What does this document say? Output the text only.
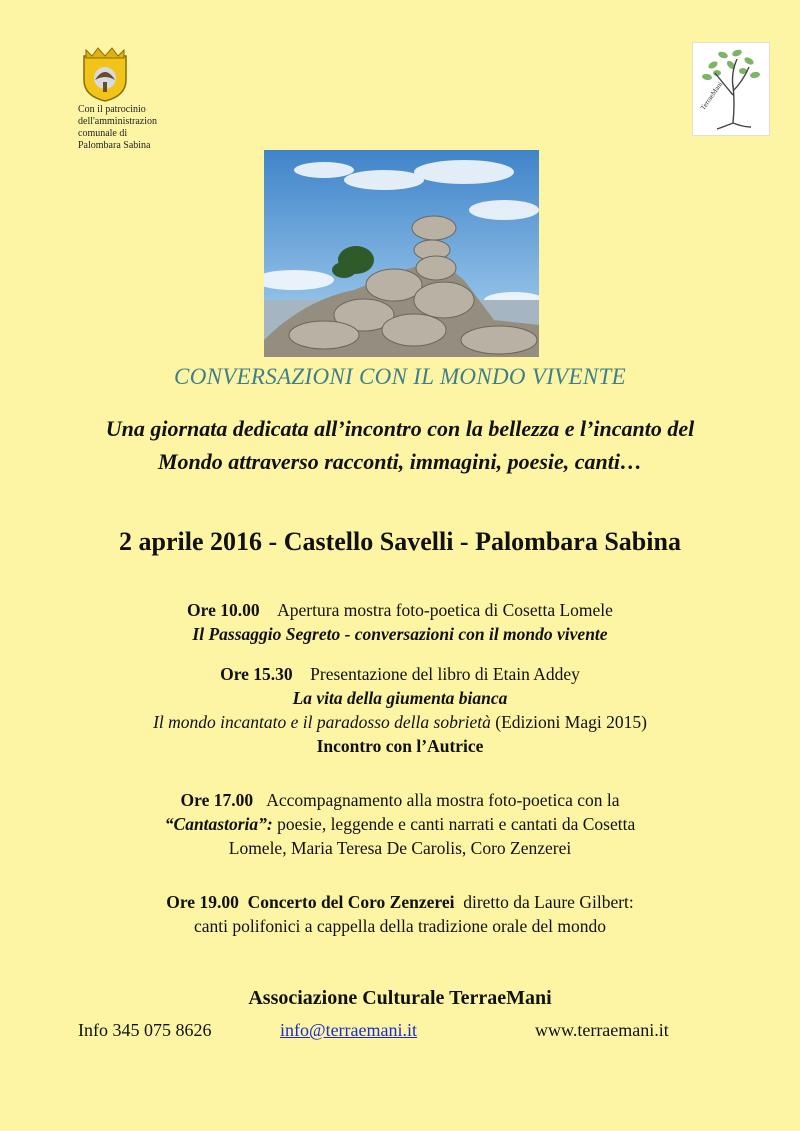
Con il patrocinio
dell'amministrazion
comunale di
Palombara Sabina
TerraeMani
CONVERSAZIONI CON IL MONDO VIVENTE
Una giornata dedicata all’incontro con la bellezza e l’incanto del
Mondo attraverso racconti, immagini, poesie, canti…
2 aprile 2016 - Castello Savelli - Palombara Sabina
Ore 10.00 Apertura mostra foto-poetica di Cosetta Lomele
Il Passaggio Segreto - conversazioni con il mondo vivente
Ore 15.30 Presentazione del libro di Etain Addey
La vita della giumenta bianca
Il mondo incantato e il paradosso della sobrietà (Edizioni Magi 2015)
Incontro con l’Autrice
Ore 17.00 Accompagnamento alla mostra foto-poetica con la
“Cantastoria”: poesie, leggende e canti narrati e cantati da Cosetta
Lomele, Maria Teresa De Carolis, Coro Zenzerei
Ore 19.00 Concerto del Coro Zenzerei diretto da Laure Gilbert:
canti polifonici a cappella della tradizione orale del mondo
Associazione Culturale TerraeMani
Info 345 075 8626	info@terraemani.it	www.terraemani.it
